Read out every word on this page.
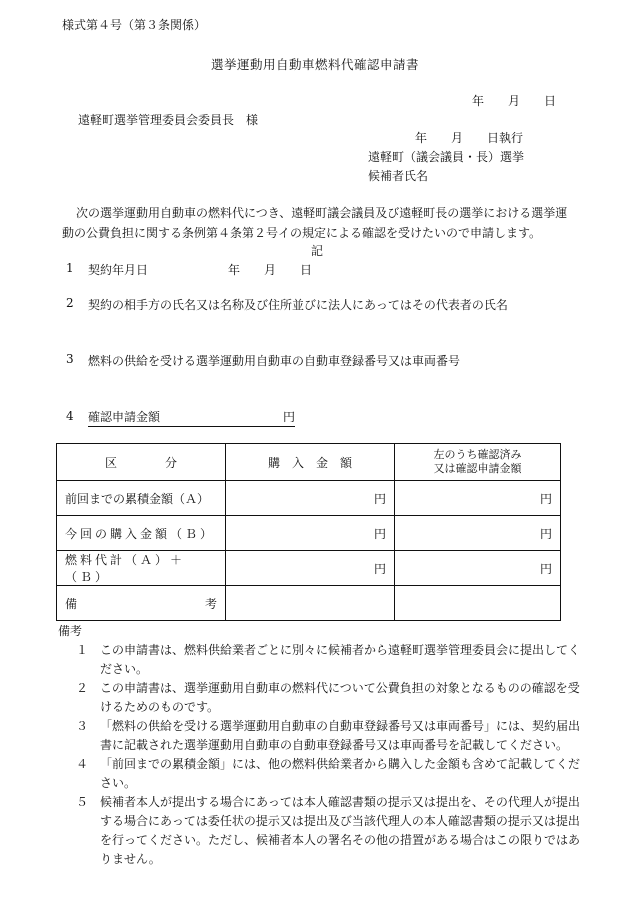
様式第４号（第３条関係）
選挙運動用自動車燃料代確認申請書
年　　月　　日
遠軽町選挙管理委員会委員長　様
年　　月　　日執行
遠軽町（議会議員・長）選挙
候補者氏名
次の選挙運動用自動車の燃料代につき、遠軽町議会議員及び遠軽町長の選挙における選挙運動の公費負担に関する条例第４条第２号イの規定による確認を受けたいので申請します。
記
1 契約年月日	年　　月　　日
2 契約の相手方の氏名又は名称及び住所並びに法人にあってはその代表者の氏名
3 燃料の供給を受ける選挙運動用自動車の自動車登録番号又は車両番号
4 確認申請金額	円
区　　　　分	購　入　金　額	左のうち確認済み
又は確認申請金額

前回までの累積金額（Ａ）	円	円
今回の購入金額（Ｂ）	円	円
燃料代計（Ａ）＋（Ｂ）	円	円
備 考		

備考
１ この申請書は、燃料供給業者ごとに別々に候補者から遠軽町選挙管理委員会に提出してください。
２ この申請書は、選挙運動用自動車の燃料代について公費負担の対象となるものの確認を受けるためのものです。
３ 「燃料の供給を受ける選挙運動用自動車の自動車登録番号又は車両番号」には、契約届出書に記載された選挙運動用自動車の自動車登録番号又は車両番号を記載してください。
４ 「前回までの累積金額」には、他の燃料供給業者から購入した金額も含めて記載してください。
５ 候補者本人が提出する場合にあっては本人確認書類の提示又は提出を、その代理人が提出する場合にあっては委任状の提示又は提出及び当該代理人の本人確認書類の提示又は提出を行ってください。ただし、候補者本人の署名その他の措置がある場合はこの限りではありません。
